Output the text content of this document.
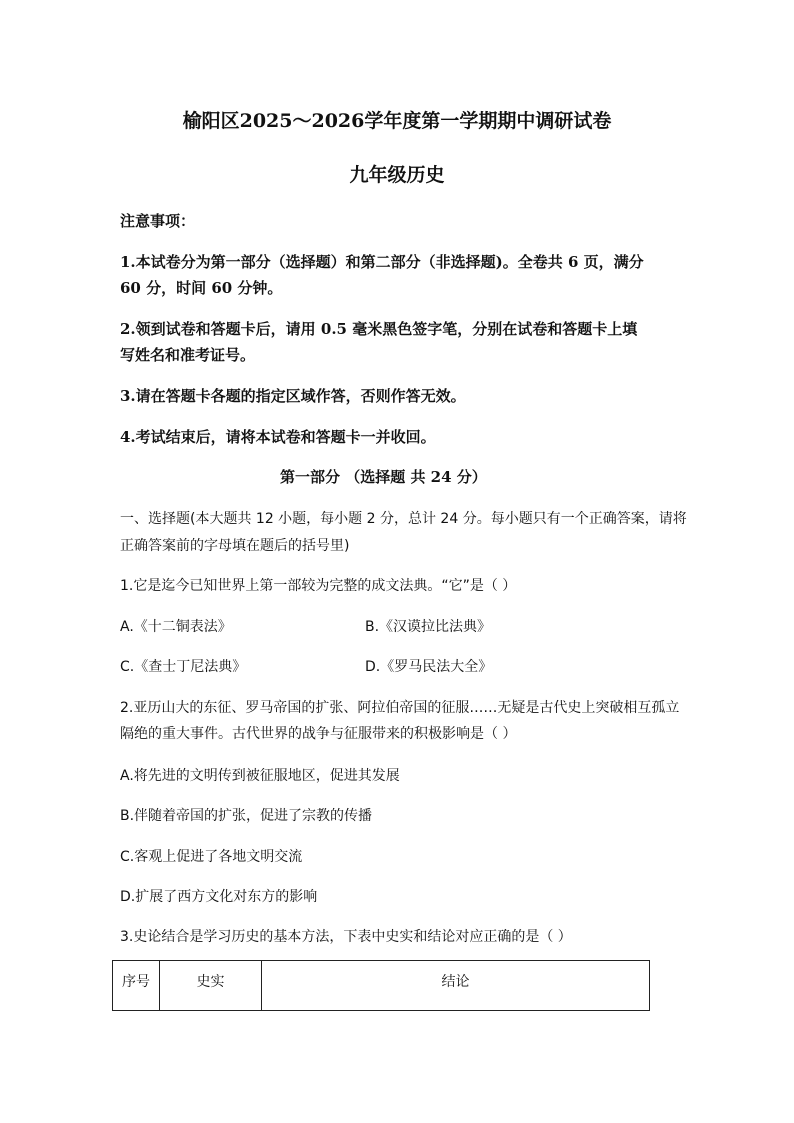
榆阳区2025～2026学年度第一学期期中调研试卷
九年级历史
注意事项：
1.本试卷分为第一部分（选择题）和第二部分（非选择题)。全卷共 6 页，满分
60 分，时间 60 分钟。
2.领到试卷和答题卡后，请用 0.5 毫米黑色签字笔，分别在试卷和答题卡上填
写姓名和准考证号。
3.请在答题卡各题的指定区域作答，否则作答无效。
4.考试结束后，请将本试卷和答题卡一并收回。
第一部分 （选择题 共 24 分）
一、选择题(本大题共 12 小题，每小题 2 分，总计 24 分。每小题只有一个正确答案，请将
正确答案前的字母填在题后的括号里)
1.它是迄今已知世界上第一部较为完整的成文法典。“它”是（ ）
A.《十二铜表法》	B.《汉谟拉比法典》
C.《查士丁尼法典》	D.《罗马民法大全》
2.亚历山大的东征、罗马帝国的扩张、阿拉伯帝国的征服……无疑是古代史上突破相互孤立
隔绝的重大事件。古代世界的战争与征服带来的积极影响是（ ）
A.将先进的文明传到被征服地区，促进其发展
B.伴随着帝国的扩张，促进了宗教的传播
C.客观上促进了各地文明交流
D.扩展了西方文化对东方的影响
3.史论结合是学习历史的基本方法，下表中史实和结论对应正确的是（ ）
序号	史实	结论
